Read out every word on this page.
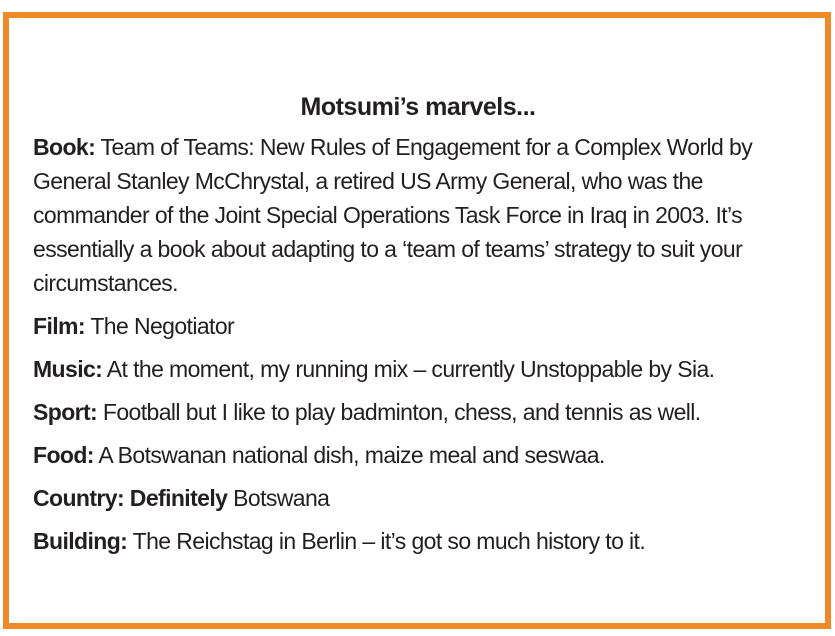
Motsumi’s marvels...
Book: Team of Teams: New Rules of Engagement for a Complex World by General Stanley McChrystal, a retired US Army General, who was the commander of the Joint Special Operations Task Force in Iraq in 2003. It’s essentially a book about adapting to a ‘team of teams’ strategy to suit your circumstances.
Film: The Negotiator
Music: At the moment, my running mix – currently Unstoppable by Sia.
Sport: Football but I like to play badminton, chess, and tennis as well.
Food: A Botswanan national dish, maize meal and seswaa.
Country: Definitely Botswana
Building: The Reichstag in Berlin – it’s got so much history to it.
